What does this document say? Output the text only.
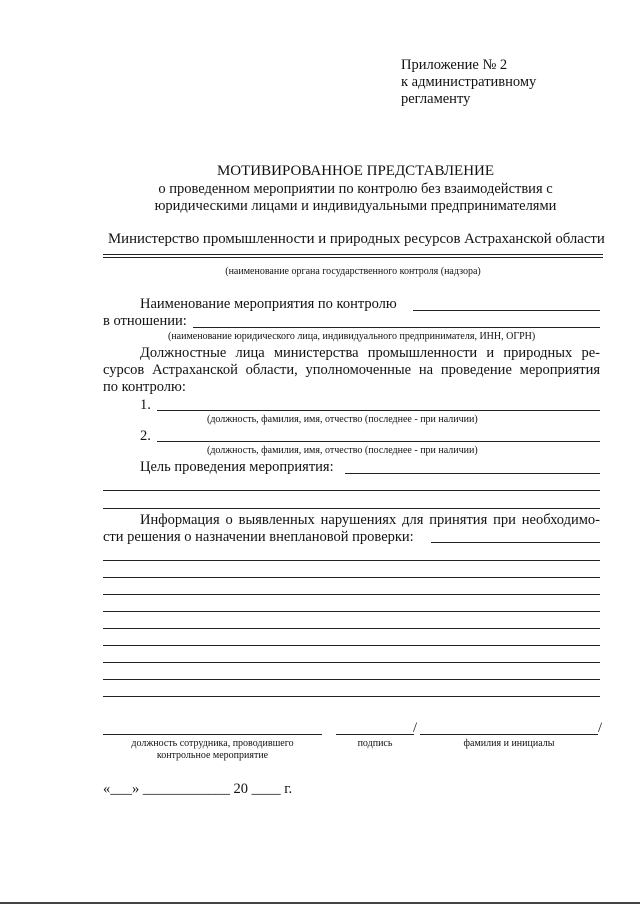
Приложение № 2
к административному
регламенту
МОТИВИРОВАННОЕ ПРЕДСТАВЛЕНИЕ
о проведенном мероприятии по контролю без взаимодействия с
юридическими лицами и индивидуальными предпринимателями
Министерство промышленности и природных ресурсов Астраханской области
(наименование органа государственного контроля (надзора)
Наименование мероприятия по контролю
в отношении:
(наименование юридического лица, индивидуального предпринимателя, ИНН, ОГРН)
Должностные лица министерства промышленности и природных ре-
сурсов Астраханской области, уполномоченные на проведение мероприятия
по контролю:
1.
(должность, фамилия, имя, отчество (последнее - при наличии)
2.
(должность, фамилия, имя, отчество (последнее - при наличии)
Цель проведения мероприятия:
Информация о выявленных нарушениях для принятия при необходимо-
сти решения о назначении внеплановой проверки:
/	/
должность сотрудника, проводившего
контрольное мероприятие
подпись	фамилия и инициалы
«___» ____________ 20 ____ г.
